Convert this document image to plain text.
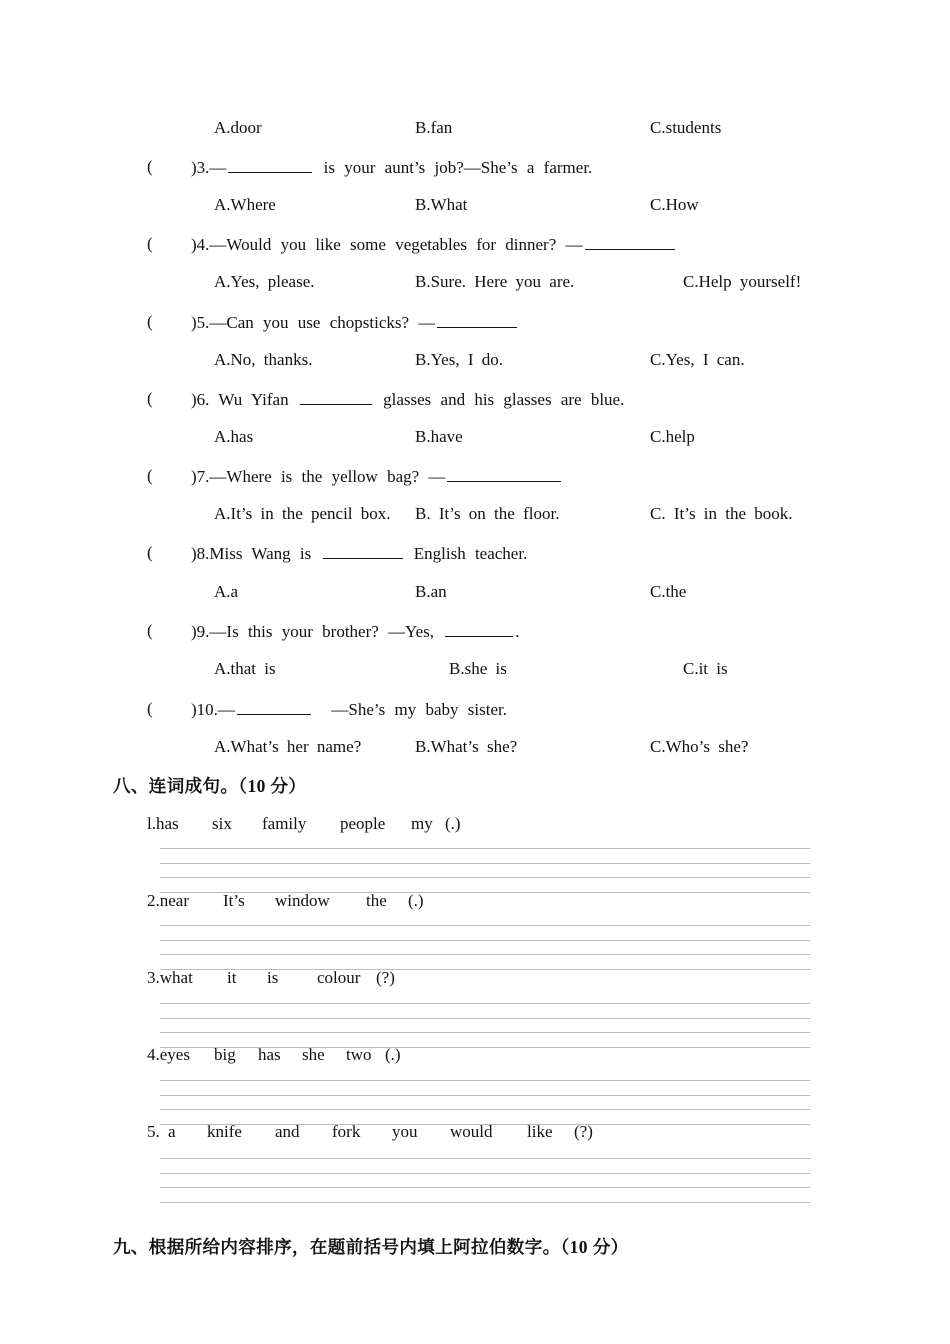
A.door	B.fan	C.students
( )3.—	is your aunt’s job?—She’s a farmer.
A.Where	B.What	C.How
( )4.—Would you like some vegetables for dinner? —
A.Yes, please.	B.Sure. Here you are.	C.Help yourself!
( )5.—Can you use chopsticks? —
A.No, thanks.	B.Yes, I do.	C.Yes, I can.
( )6. Wu Yifan	glasses and his glasses are blue.
A.has	B.have	C.help
( )7.—Where is the yellow bag? —
A.It’s in the pencil box. B. It’s on the floor.	C. It’s in the book.
( )8.Miss Wang is	English teacher.
A.a	B.an	C.the
( )9.—Is this your brother? —Yes,	.
A.that is	B.she is	C.it is
( )10.—	—She’s my baby sister.
A.What’s her name?	B.What’s she?	C.Who’s she?
八、连词成句。（10 分）
l.has six family people my (.)
2.near It’s window the (.)
3.what it is colour (?)
4.eyes big has she two (.)
5. a knife and fork you would like (?)
九、根据所给内容排序，在题前括号内填上阿拉伯数字。（10 分）
